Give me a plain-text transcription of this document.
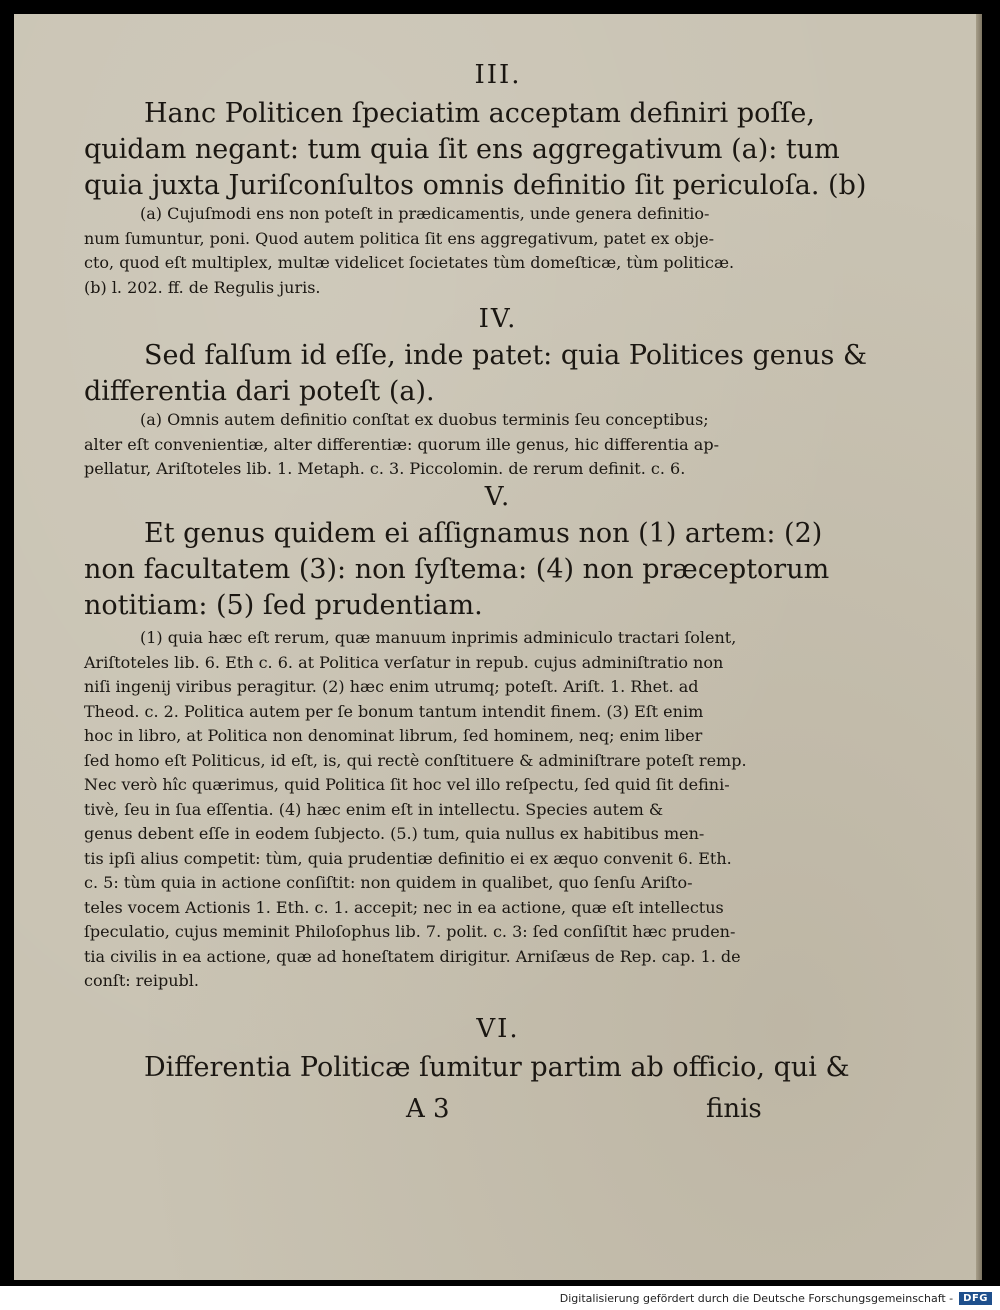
III.
Hanc Politicen ſpeciatim acceptam definiri poſſe,
quidam negant: tum quia ſit ens aggregativum (a): tum
quia juxta Juriſconſultos omnis definitio ſit periculoſa. (b)
(a) Cujuſmodi ens non poteſt in prædicamentis, unde genera definitio-
num ſumuntur, poni. Quod autem politica ſit ens aggregativum, patet ex obje-
cto, quod eſt multiplex, multæ videlicet ſocietates tùm domeſticæ, tùm politicæ.
(b) l. 202. ff. de Regulis juris.
IV.
Sed falſum id eſſe, inde patet: quia Politices genus &
differentia dari poteſt (a).
(a) Omnis autem definitio conſtat ex duobus terminis ſeu conceptibus;
alter eſt convenientiæ, alter differentiæ: quorum ille genus, hic differentia ap-
pellatur, Ariſtoteles lib. 1. Metaph. c. 3. Piccolomin. de rerum definit. c. 6.
V.
Et genus quidem ei aſſignamus non (1) artem: (2)
non facultatem (3): non ſyſtema: (4) non præceptorum
notitiam: (5) ſed prudentiam.
(1) quia hæc eſt rerum, quæ manuum inprimis adminiculo tractari ſolent,
Ariſtoteles lib. 6. Eth c. 6. at Politica verſatur in repub. cujus adminiſtratio non
niſi ingenij viribus peragitur. (2) hæc enim utrumq; poteſt. Ariſt. 1. Rhet. ad
Theod. c. 2. Politica autem per ſe bonum tantum intendit finem. (3) Eſt enim
hoc in libro, at Politica non denominat librum, ſed hominem, neq; enim liber
ſed homo eſt Politicus, id eſt, is, qui rectè conſtituere & adminiſtrare poteſt remp.
Nec verò hîc quærimus, quid Politica ſit hoc vel illo reſpectu, ſed quid ſit defini-
tivè, ſeu in ſua eſſentia. (4) hæc enim eſt in intellectu. Species autem &
genus debent eſſe in eodem ſubjecto. (5.) tum, quia nullus ex habitibus men-
tis ipſi alius competit: tùm, quia prudentiæ definitio ei ex æquo convenit 6. Eth.
c. 5: tùm quia in actione conſiſtit: non quidem in qualibet, quo ſenſu Ariſto-
teles vocem Actionis 1. Eth. c. 1. accepit; nec in ea actione, quæ eſt intellectus
ſpeculatio, cujus meminit Philoſophus lib. 7. polit. c. 3: ſed conſiſtit hæc pruden-
tia civilis in ea actione, quæ ad honeſtatem dirigitur. Arniſæus de Rep. cap. 1. de
conſt: reipubl.
VI.
Differentia Politicæ ſumitur partim ab officio, qui &
A 3	finis
Digitalisierung gefördert durch die Deutsche Forschungsgemeinschaft -	DFG
